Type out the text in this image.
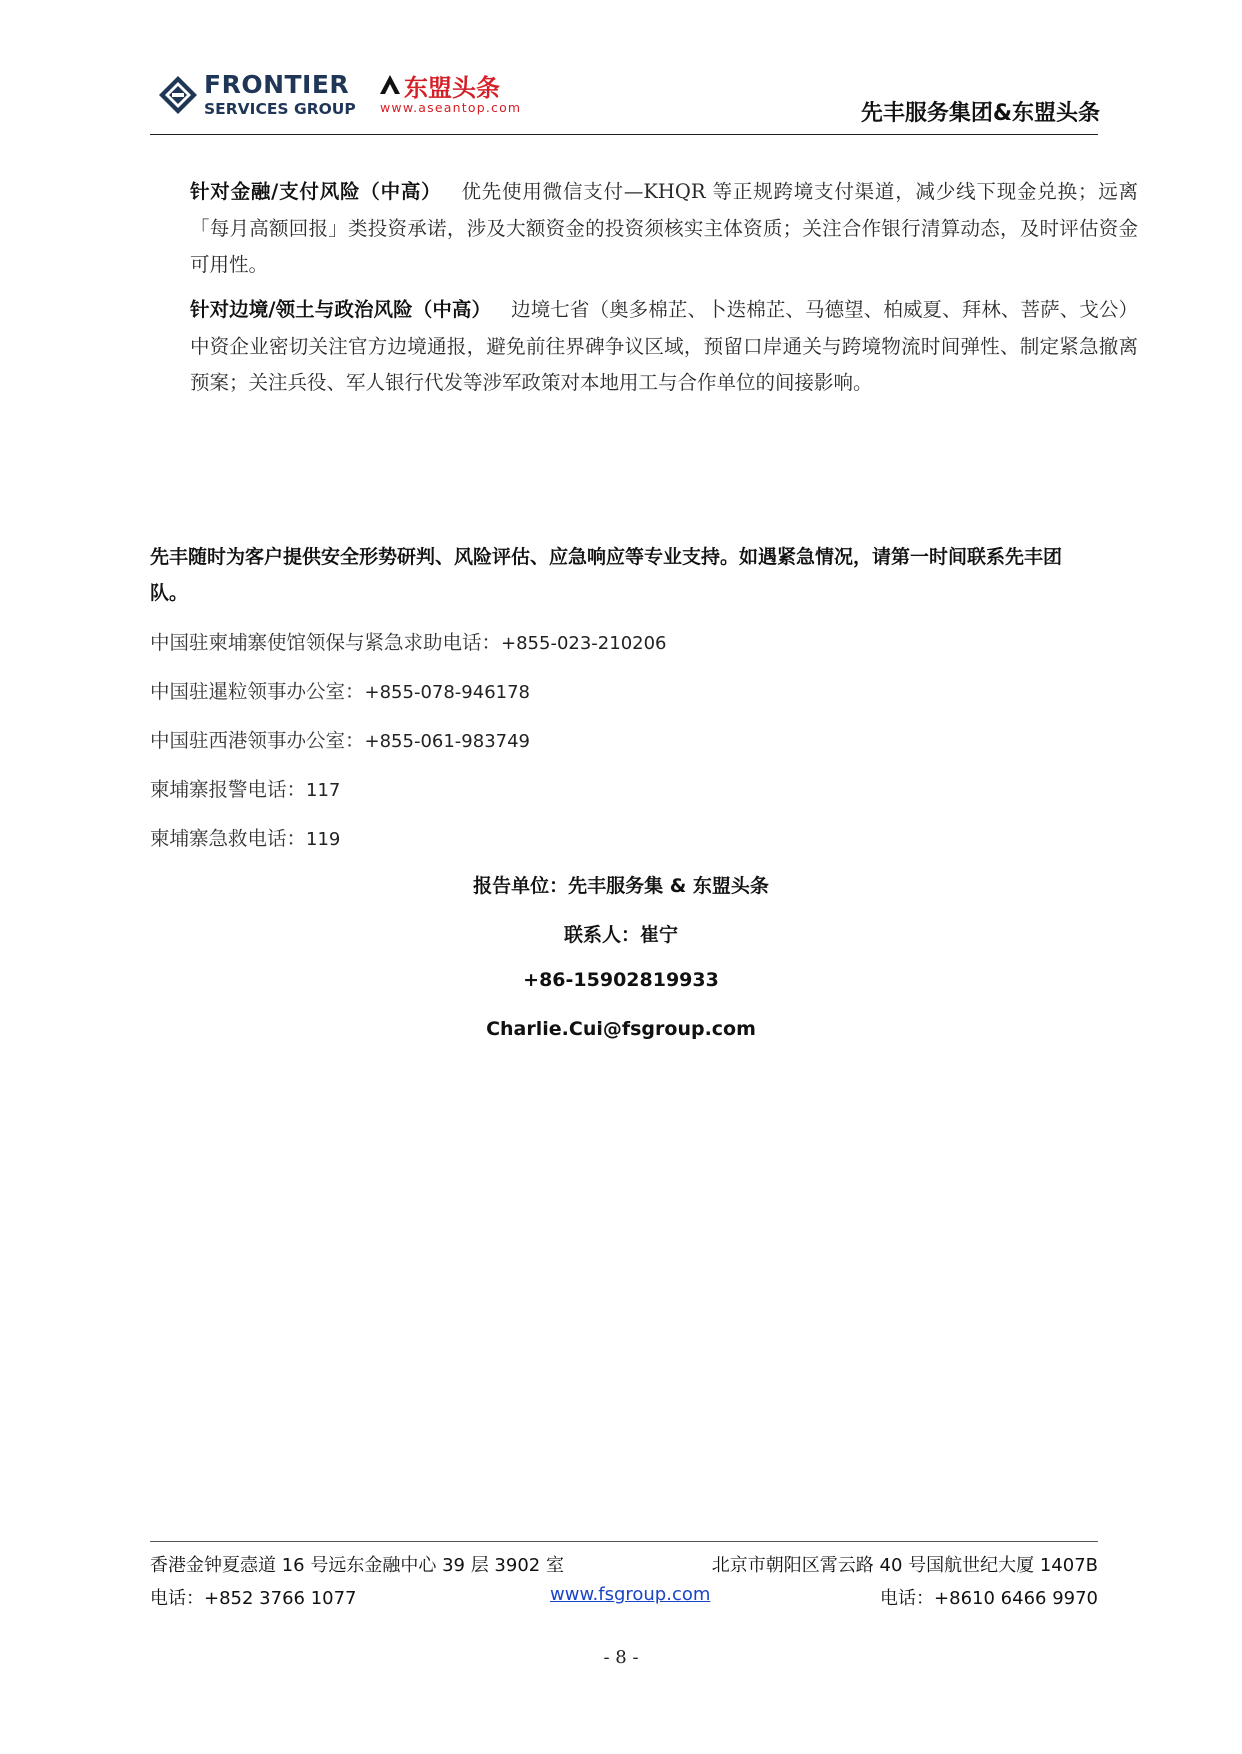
FRONTIER
SERVICES GROUP
东盟头条
www.aseantop.com	先丰服务集团&东盟头条
针对金融/支付风险（中高） 优先使用微信支付—KHQR 等正规跨境支付渠道，减少线下现金兑换；远离「每月高额回报」类投资承诺，涉及大额资金的投资须核实主体资质；关注合作银行清算动态，及时评估资金可用性。
针对边境/领土与政治风险（中高） 边境七省（奥多棉芷、卜迭棉芷、马德望、柏威夏、拜林、菩萨、戈公）中资企业密切关注官方边境通报，避免前往界碑争议区域，预留口岸通关与跨境物流时间弹性、制定紧急撤离预案；关注兵役、军人银行代发等涉军政策对本地用工与合作单位的间接影响。
先丰随时为客户提供安全形势研判、风险评估、应急响应等专业支持。如遇紧急情况，请第一时间联系先丰团队。
中国驻柬埔寨使馆领保与紧急求助电话：+855-023-210206
中国驻暹粒领事办公室：+855-078-946178
中国驻西港领事办公室：+855-061-983749
柬埔寨报警电话：117
柬埔寨急救电话：119
报告单位：先丰服务集 & 东盟头条
联系人：崔宁
+86-15902819933
Charlie.Cui@fsgroup.com
香港金钟夏悫道 16 号远东金融中心 39 层 3902 室	北京市朝阳区霄云路 40 号国航世纪大厦 1407B
电话：+852 3766 1077	www.fsgroup.com	电话：+8610 6466 9970
- 8 -
